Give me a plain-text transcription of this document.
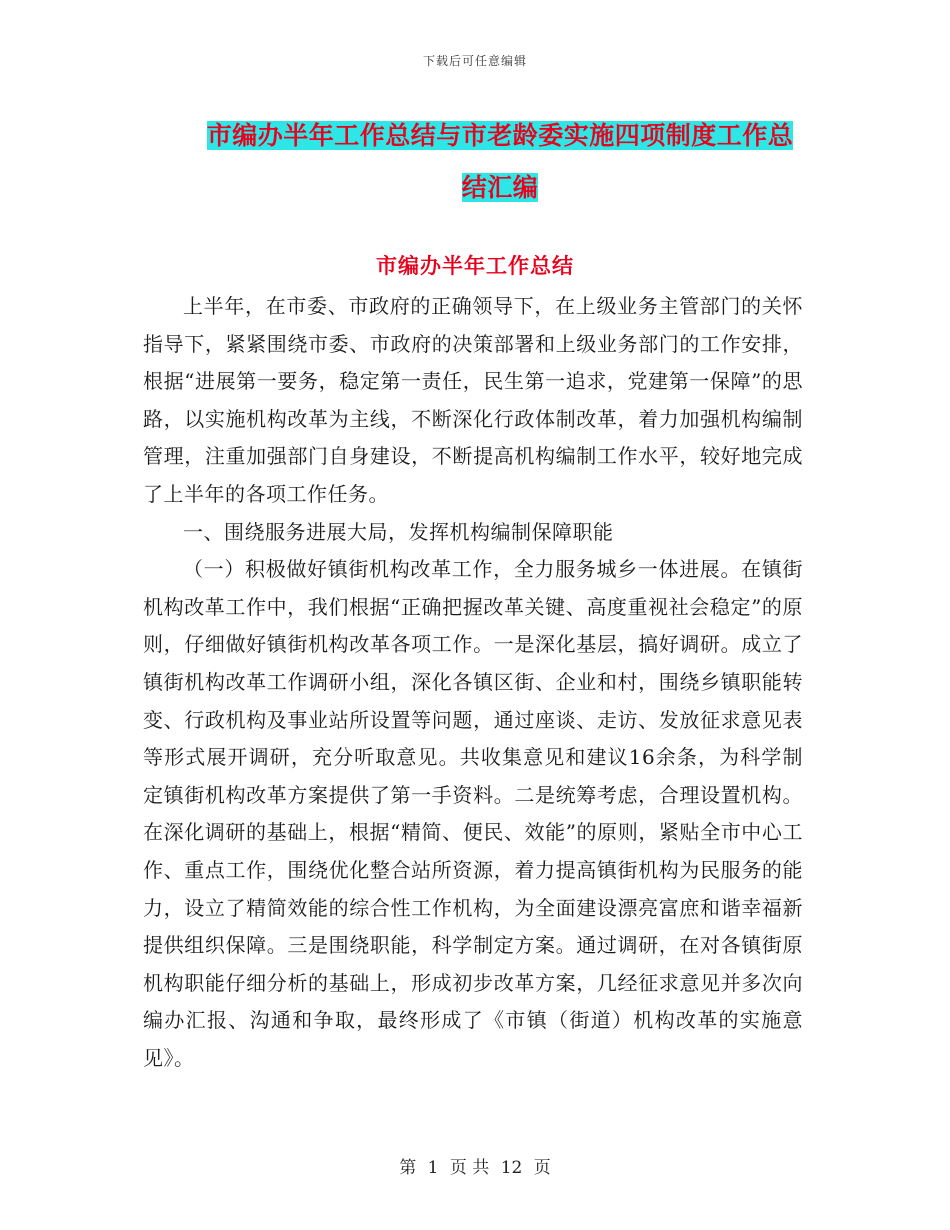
下载后可任意编辑
市编办半年工作总结与市老龄委实施四项制度工作总结汇编
市编办半年工作总结

上半年，在市委、市政府的正确领导下，在上级业务主管部门的关怀指导下，紧紧围绕市委、市政府的决策部署和上级业务部门的工作安排，根据“进展第一要务，稳定第一责任，民生第一追求，党建第一保障”的思路，以实施机构改革为主线，不断深化行政体制改革，着力加强机构编制管理，注重加强部门自身建设，不断提高机构编制工作水平，较好地完成了上半年的各项工作任务。

一、围绕服务进展大局，发挥机构编制保障职能

（一）积极做好镇街机构改革工作，全力服务城乡一体进展。在镇街机构改革工作中，我们根据“正确把握改革关键、高度重视社会稳定”的原则，仔细做好镇街机构改革各项工作。一是深化基层，搞好调研。成立了镇街机构改革工作调研小组，深化各镇区街、企业和村，围绕乡镇职能转变、行政机构及事业站所设置等问题，通过座谈、走访、发放征求意见表等形式展开调研，充分听取意见。共收集意见和建议16余条，为科学制定镇街机构改革方案提供了第一手资料。二是统筹考虑，合理设置机构。在深化调研的基础上，根据“精简、便民、效能”的原则，紧贴全市中心工作、重点工作，围绕优化整合站所资源，着力提高镇街机构为民服务的能力，设立了精简效能的综合性工作机构，为全面建设漂亮富庶和谐幸福新提供组织保障。三是围绕职能，科学制定方案。通过调研，在对各镇街原机构职能仔细分析的基础上，形成初步改革方案，几经征求意见并多次向编办汇报、沟通和争取，最终形成了《市镇（街道）机构改革的实施意见》。

第 1 页 共 12 页
